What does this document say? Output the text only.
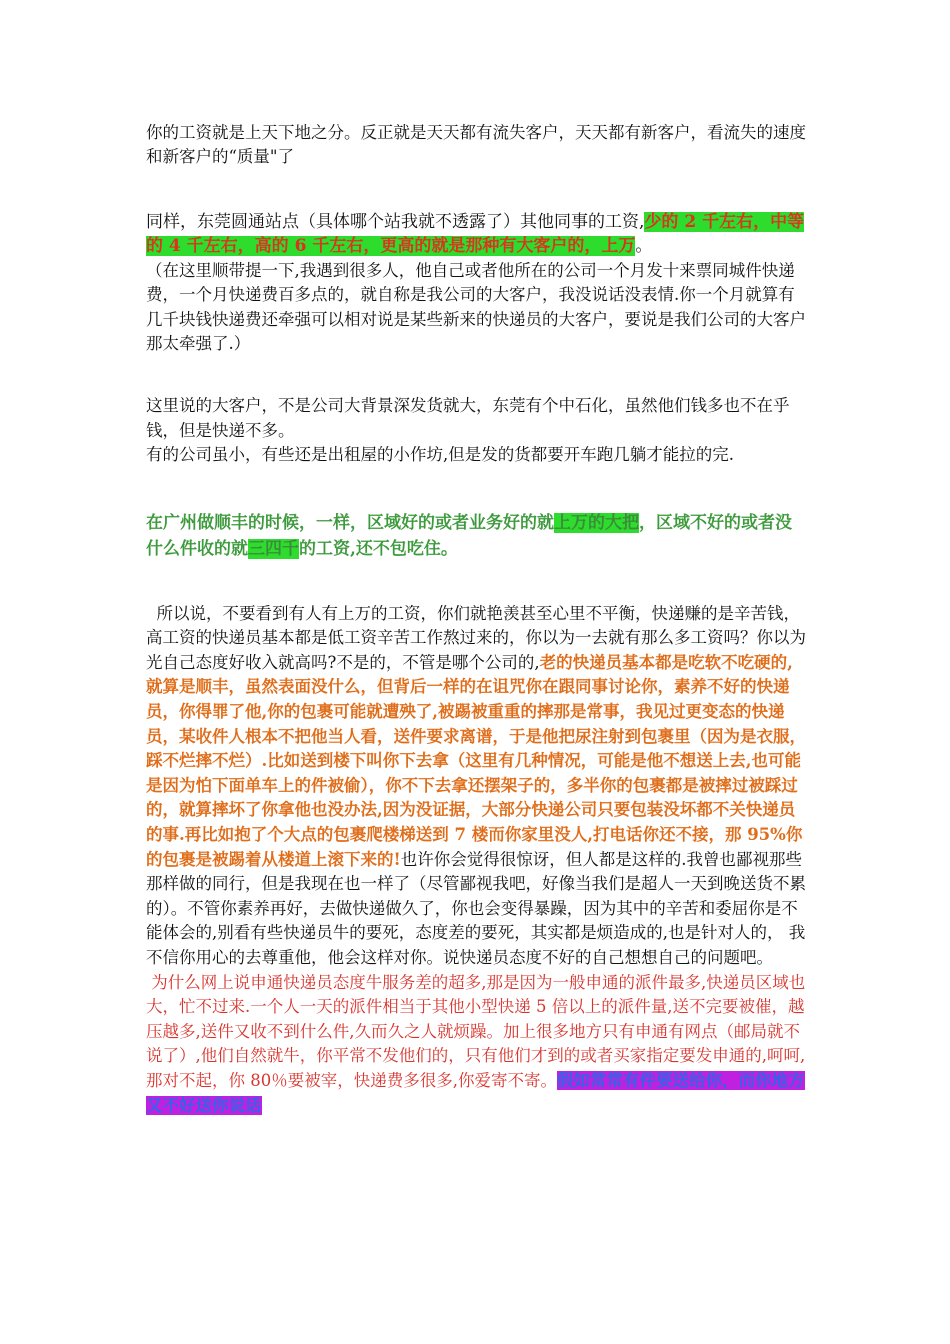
你的工资就是上天下地之分。反正就是天天都有流失客户，天天都有新客户，看流失的速度和新客户的“质量"了

同样，东莞圆通站点（具体哪个站我就不透露了）其他同事的工资,少的 2 千左右，中等的 4 千左右，高的 6 千左右，更高的就是那种有大客户的，上万。

（在这里顺带提一下,我遇到很多人，他自己或者他所在的公司一个月发十来票同城件快递费，一个月快递费百多点的，就自称是我公司的大客户，我没说话没表情.你一个月就算有几千块钱快递费还牵强可以相对说是某些新来的快递员的大客户，要说是我们公司的大客户那太牵强了.）

这里说的大客户，不是公司大背景深发货就大，东莞有个中石化，虽然他们钱多也不在乎钱，但是快递不多。

有的公司虽小，有些还是出租屋的小作坊,但是发的货都要开车跑几躺才能拉的完.

在广州做顺丰的时候，一样，区域好的或者业务好的就上万的大把，区域不好的或者没什么件收的就三四千的工资,还不包吃住。

所以说，不要看到有人有上万的工资，你们就艳羡甚至心里不平衡，快递赚的是辛苦钱，高工资的快递员基本都是低工资辛苦工作熬过来的，你以为一去就有那么多工资吗？你以为光自己态度好收入就高吗?不是的，不管是哪个公司的,老的快递员基本都是吃软不吃硬的,就算是顺丰，虽然表面没什么，但背后一样的在诅咒你在跟同事讨论你，素养不好的快递员，你得罪了他,你的包裹可能就遭殃了,被踢被重重的摔那是常事，我见过更变态的快递员，某收件人根本不把他当人看，送件要求离谱，于是他把尿注射到包裹里（因为是衣服，踩不烂摔不烂）.比如送到楼下叫你下去拿（这里有几种情况，可能是他不想送上去,也可能是因为怕下面单车上的件被偷），你不下去拿还摆架子的，多半你的包裹都是被摔过被踩过的，就算摔坏了你拿他也没办法,因为没证据，大部分快递公司只要包装没坏都不关快递员的事.再比如抱了个大点的包裹爬楼梯送到 7 楼而你家里没人,打电话你还不接，那 95%你的包裹是被踢着从楼道上滚下来的!也许你会觉得很惊讶，但人都是这样的.我曾也鄙视那些那样做的同行，但是我现在也一样了（尽管鄙视我吧，好像当我们是超人一天到晚送货不累的）。不管你素养再好，去做快递做久了，你也会变得暴躁，因为其中的辛苦和委屈你是不能体会的,别看有些快递员牛的要死，态度差的要死，其实都是烦造成的,也是针对人的， 我不信你用心的去尊重他，他会这样对你。说快递员态度不好的自己想想自己的问题吧。

为什么网上说申通快递员态度牛服务差的超多,那是因为一般申通的派件最多,快递员区域也大，忙不过来.一个人一天的派件相当于其他小型快递 5 倍以上的派件量,送不完要被催，越压越多,送件又收不到什么件,久而久之人就烦躁。加上很多地方只有申通有网点（邮局就不说了）,他们自然就牛，你平常不发他们的，只有他们才到的或者买家指定要发申通的,呵呵,那对不起，你 80％要被宰，快递费多很多,你爱寄不寄。假如常常有件要送给你，而你地方又不好送你说话
